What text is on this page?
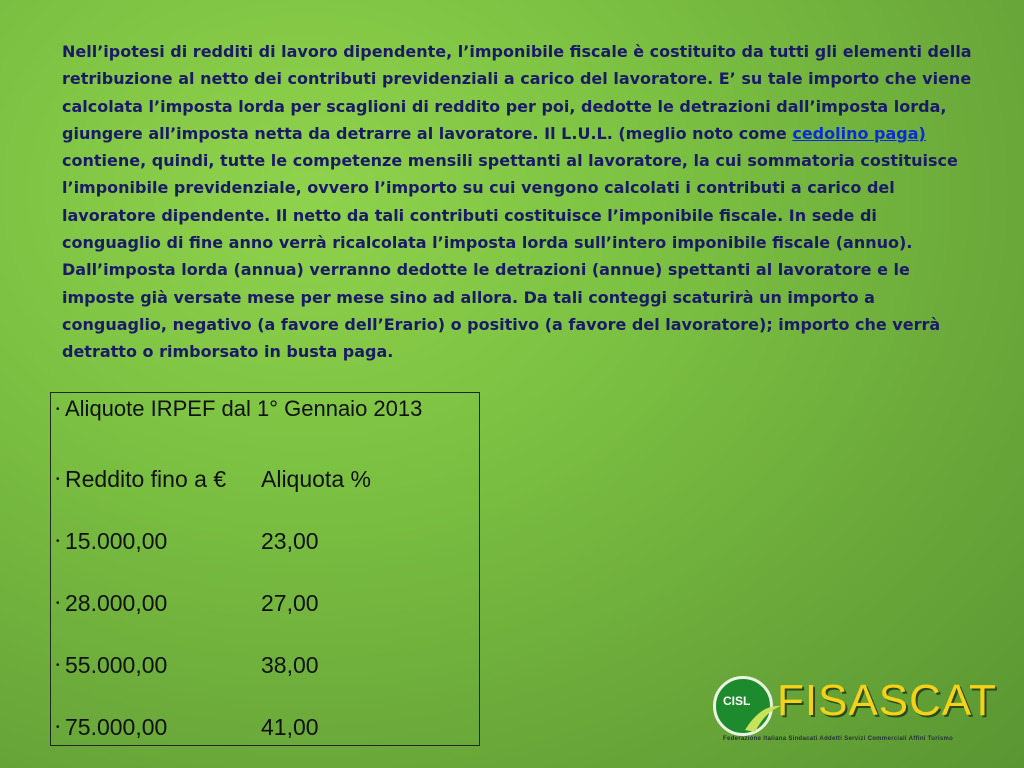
Nell’ipotesi di redditi di lavoro dipendente, l’imponibile fiscale è costituito da tutti gli elementi della retribuzione al netto dei contributi previdenziali a carico del lavoratore. E’ su tale importo che viene calcolata l’imposta lorda per scaglioni di reddito per poi, dedotte le detrazioni dall’imposta lorda, giungere all’imposta netta da detrarre al lavoratore. Il L.U.L. (meglio noto come cedolino paga) contiene, quindi, tutte le competenze mensili spettanti al lavoratore, la cui sommatoria costituisce l’imponibile previdenziale, ovvero l’importo su cui vengono calcolati i contributi a carico del lavoratore dipendente. Il netto da tali contributi costituisce l’imponibile fiscale. In sede di conguaglio di fine anno verrà ricalcolata l’imposta lorda sull’intero imponibile fiscale (annuo). Dall’imposta lorda (annua) verranno dedotte le detrazioni (annue) spettanti al lavoratore e le imposte già versate mese per mese sino ad allora. Da tali conteggi scaturirà un importo a conguaglio, negativo (a favore dell’Erario) o positivo (a favore del lavoratore); importo che verrà detratto o rimborsato in busta paga.
• Aliquote IRPEF dal 1° Gennaio 2013
• Reddito fino a €	Aliquota %
• 15.000,00	23,00
• 28.000,00	27,00
• 55.000,00	38,00
• 75.000,00	41,00
CISL FISASCAT
Federazione Italiana Sindacati Addetti Servizi Commerciali Affini Turismo
